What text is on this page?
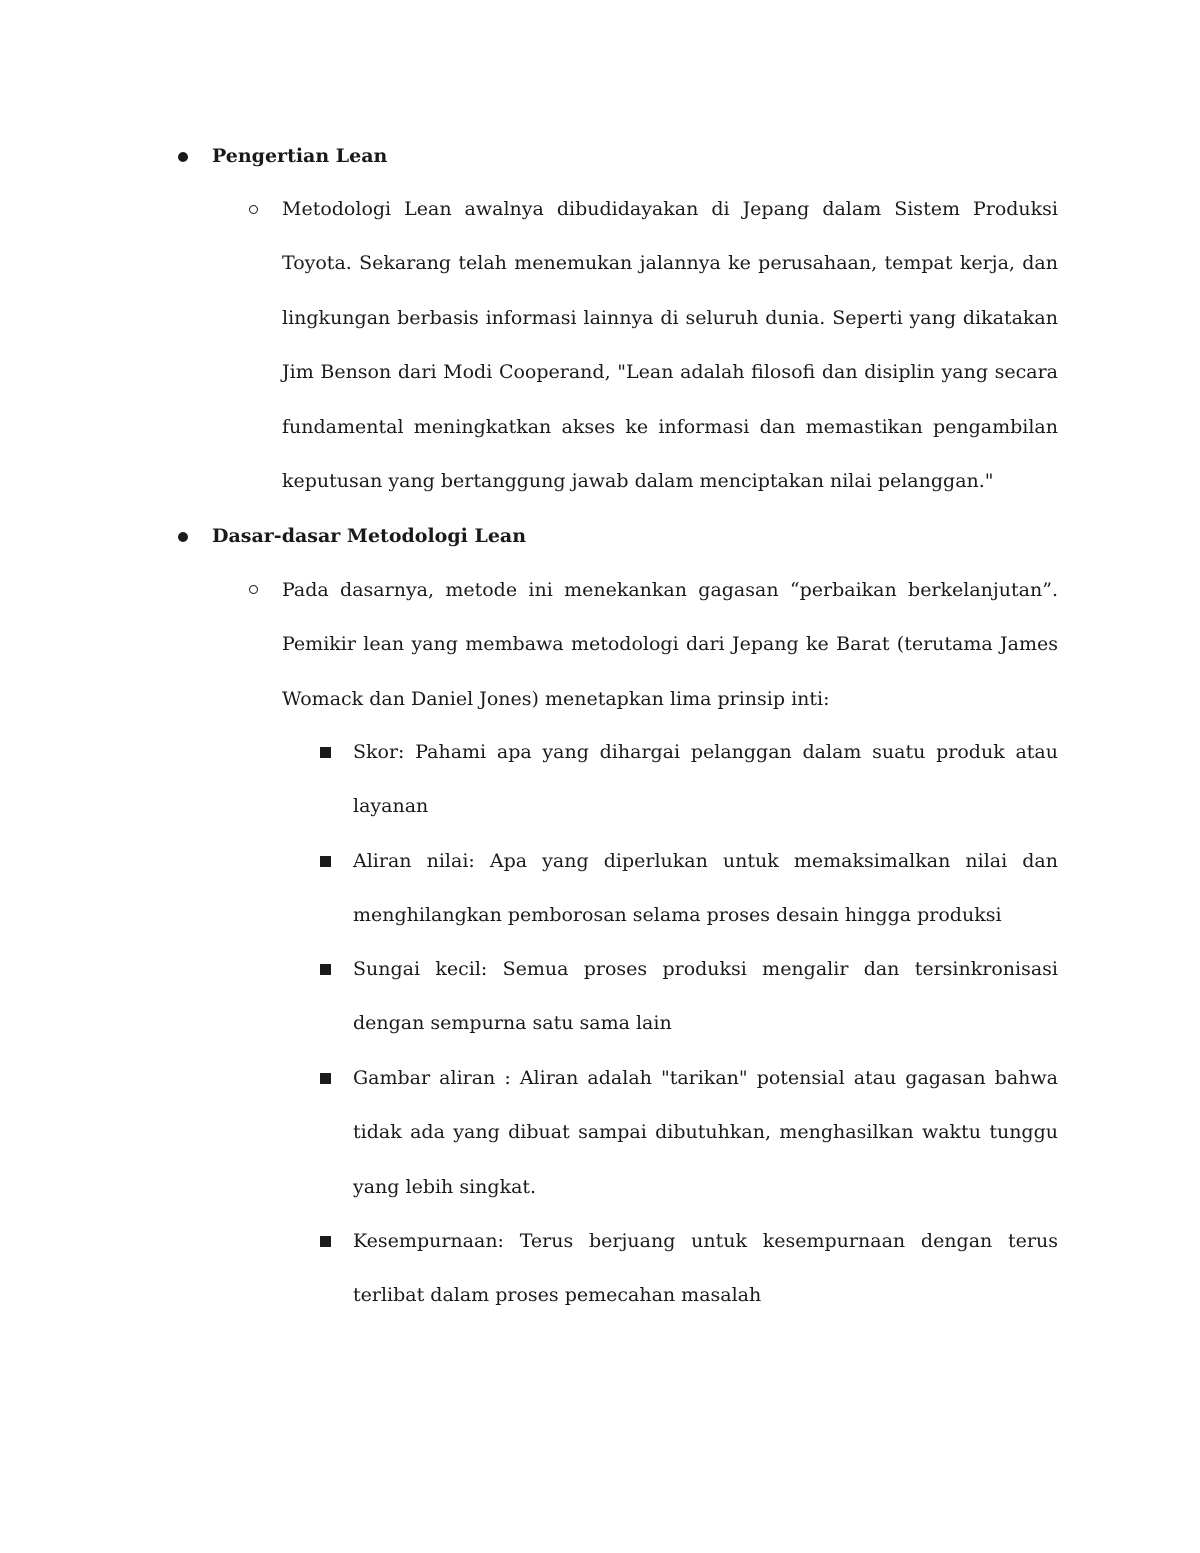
Pengertian Lean

Metodologi Lean awalnya dibudidayakan di Jepang dalam Sistem Produksi Toyota. Sekarang telah menemukan jalannya ke perusahaan, tempat kerja, dan lingkungan berbasis informasi lainnya di seluruh dunia. Seperti yang dikatakan Jim Benson dari Modi Cooperand, "Lean adalah filosofi dan disiplin yang secara fundamental meningkatkan akses ke informasi dan memastikan pengambilan keputusan yang bertanggung jawab dalam menciptakan nilai pelanggan."

Dasar-dasar Metodologi Lean

Pada dasarnya, metode ini menekankan gagasan “perbaikan berkelanjutan”. Pemikir lean yang membawa metodologi dari Jepang ke Barat (terutama James Womack dan Daniel Jones) menetapkan lima prinsip inti:

Skor: Pahami apa yang dihargai pelanggan dalam suatu produk atau layanan

Aliran nilai: Apa yang diperlukan untuk memaksimalkan nilai dan menghilangkan pemborosan selama proses desain hingga produksi

Sungai kecil: Semua proses produksi mengalir dan tersinkronisasi dengan sempurna satu sama lain

Gambar aliran : Aliran adalah "tarikan" potensial atau gagasan bahwa tidak ada yang dibuat sampai dibutuhkan, menghasilkan waktu tunggu yang lebih singkat.

Kesempurnaan: Terus berjuang untuk kesempurnaan dengan terus terlibat dalam proses pemecahan masalah
